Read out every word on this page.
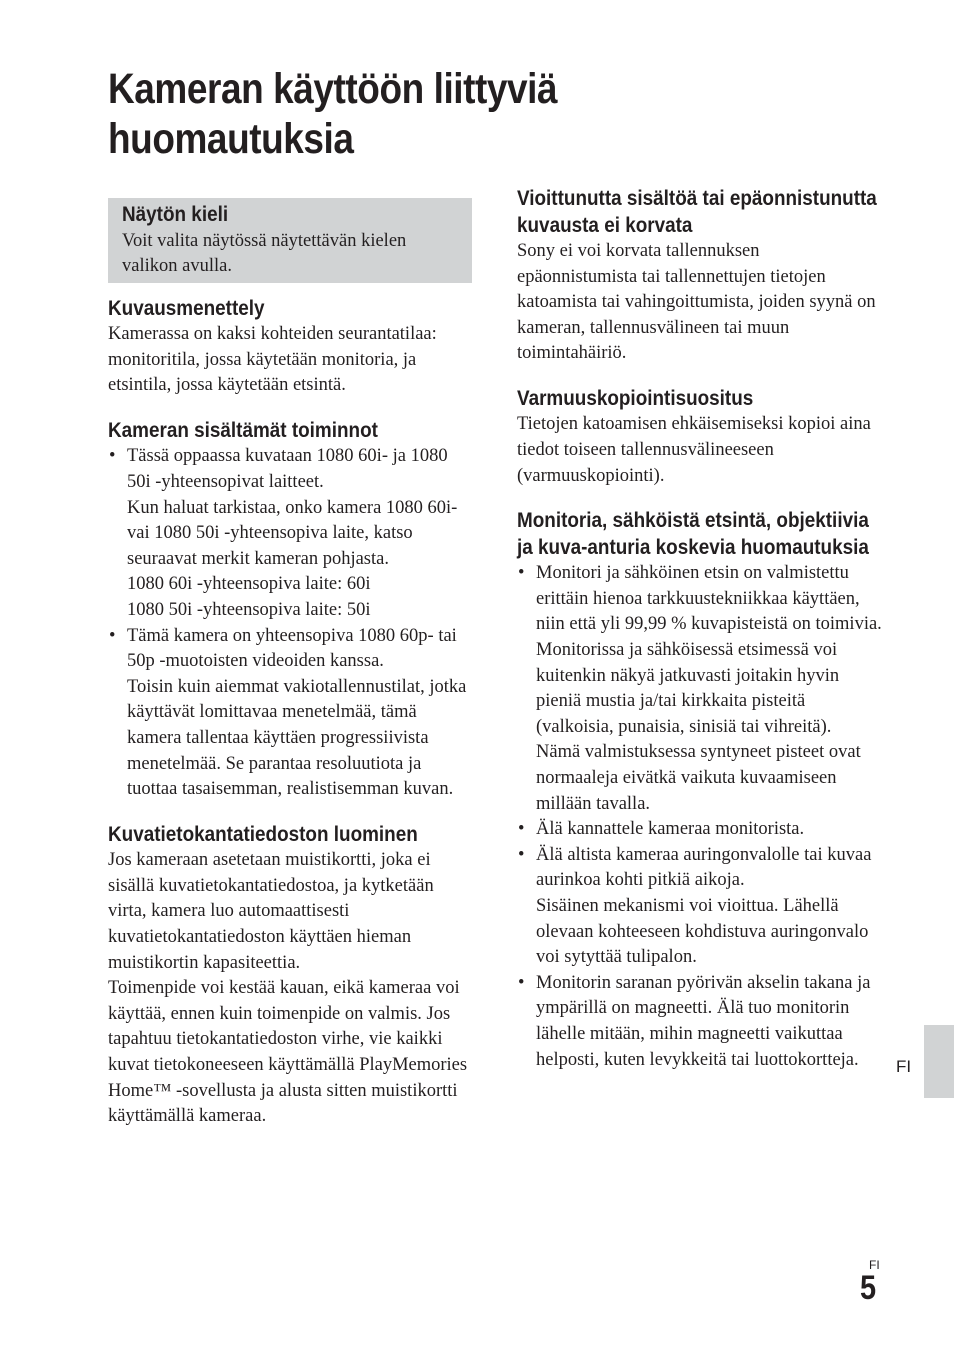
Kameran käyttöön liittyviä
huomautuksia
Näytön kieli

Voit valita näytössä näytettävän kielen valikon avulla.

Kuvausmenettely

Kamerassa on kaksi kohteiden seurantatilaa: monitoritila, jossa käytetään monitoria, ja etsintila, jossa käytetään etsintä.

Kameran sisältämät toiminnot
• Tässä oppaassa kuvataan 1080 60i- ja 1080 50i -yhteensopivat laitteet.
Kun haluat tarkistaa, onko kamera 1080 60i- vai 1080 50i -yhteensopiva laite, katso seuraavat merkit kameran pohjasta.
1080 60i -yhteensopiva laite: 60i
1080 50i -yhteensopiva laite: 50i
• Tämä kamera on yhteensopiva 1080 60p- tai 50p -muotoisten videoiden kanssa.
Toisin kuin aiemmat vakiotallennustilat, jotka käyttävät lomittavaa menetelmää, tämä kamera tallentaa käyttäen progressiivista menetelmää. Se parantaa resoluutiota ja tuottaa tasaisemman, realistisemman kuvan.
Kuvatietokantatiedoston luominen

Jos kameraan asetetaan muistikortti, joka ei sisällä kuvatietokantatiedostoa, ja kytketään virta, kamera luo automaattisesti kuvatietokantatiedoston käyttäen hieman muistikortin kapasiteettia.

Toimenpide voi kestää kauan, eikä kameraa voi käyttää, ennen kuin toimenpide on valmis. Jos tapahtuu tietokantatiedoston virhe, vie kaikki kuvat tietokoneeseen käyttämällä PlayMemories Home™ -sovellusta ja alusta sitten muistikortti käyttämällä kameraa.

Vioittunutta sisältöä tai epäonnistunutta kuvausta ei korvata

Sony ei voi korvata tallennuksen epäonnistumista tai tallennettujen tietojen katoamista tai vahingoittumista, joiden syynä on kameran, tallennusvälineen tai muun toimintahäiriö.

Varmuuskopiointisuositus

Tietojen katoamisen ehkäisemiseksi kopioi aina tiedot toiseen tallennusvälineeseen (varmuuskopiointi).

Monitoria, sähköistä etsintä, objektiivia ja kuva-anturia koskevia huomautuksia
• Monitori ja sähköinen etsin on valmistettu erittäin hienoa tarkkuustekniikkaa käyttäen, niin että yli 99,99 % kuvapisteistä on toimivia.
Monitorissa ja sähköisessä etsimessä voi kuitenkin näkyä jatkuvasti joitakin hyvin pieniä mustia ja/tai kirkkaita pisteitä (valkoisia, punaisia, sinisiä tai vihreitä).
Nämä valmistuksessa syntyneet pisteet ovat normaaleja eivätkä vaikuta kuvaamiseen millään tavalla.
• Älä kannattele kameraa monitorista.
• Älä altista kameraa auringonvalolle tai kuvaa aurinkoa kohti pitkiä aikoja.
Sisäinen mekanismi voi vioittua. Lähellä olevaan kohteeseen kohdistuva auringonvalo voi sytyttää tulipalon.
• Monitorin saranan pyörivän akselin takana ja ympärillä on magneetti. Älä tuo monitorin lähelle mitään, mihin magneetti vaikuttaa helposti, kuten levykkeitä tai luottokortteja.	FI
FI
5
